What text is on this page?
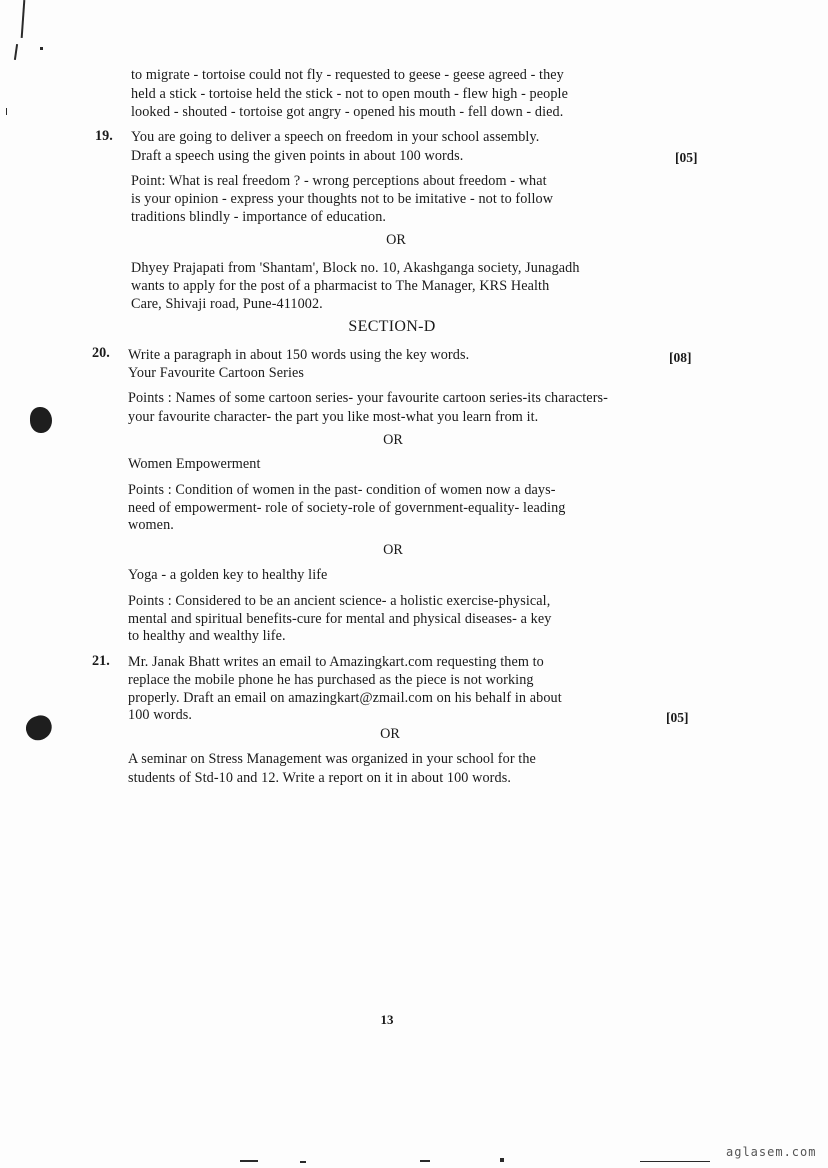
to migrate - tortoise could not fly - requested to geese - geese agreed - they
held a stick - tortoise held the stick - not to open mouth - flew high - people
looked - shouted - tortoise got angry - opened his mouth - fell down - died.
19. You are going to deliver a speech on freedom in your school assembly.
Draft a speech using the given points in about 100 words.	[05]
Point: What is real freedom ? - wrong perceptions about freedom - what
is your opinion - express your thoughts not to be imitative - not to follow
traditions blindly - importance of education.
OR
Dhyey Prajapati from 'Shantam', Block no. 10, Akashganga society, Junagadh
wants to apply for the post of a pharmacist to The Manager, KRS Health
Care, Shivaji road, Pune-411002.
SECTION-D
20. Write a paragraph in about 150 words using the key words.	[08]
Your Favourite Cartoon Series
Points : Names of some cartoon series- your favourite cartoon series-its characters-
your favourite character- the part you like most-what you learn from it.
OR
Women Empowerment
Points : Condition of women in the past- condition of women now a days-
need of empowerment- role of society-role of government-equality- leading
women.
OR
Yoga - a golden key to healthy life
Points : Considered to be an ancient science- a holistic exercise-physical,
mental and spiritual benefits-cure for mental and physical diseases- a key
to healthy and wealthy life.
21. Mr. Janak Bhatt writes an email to Amazingkart.com requesting them to
replace the mobile phone he has purchased as the piece is not working
properly. Draft an email on amazingkart@zmail.com on his behalf in about
100 words.	[05]
OR
A seminar on Stress Management was organized in your school for the
students of Std-10 and 12. Write a report on it in about 100 words.
13
aglasem.com
